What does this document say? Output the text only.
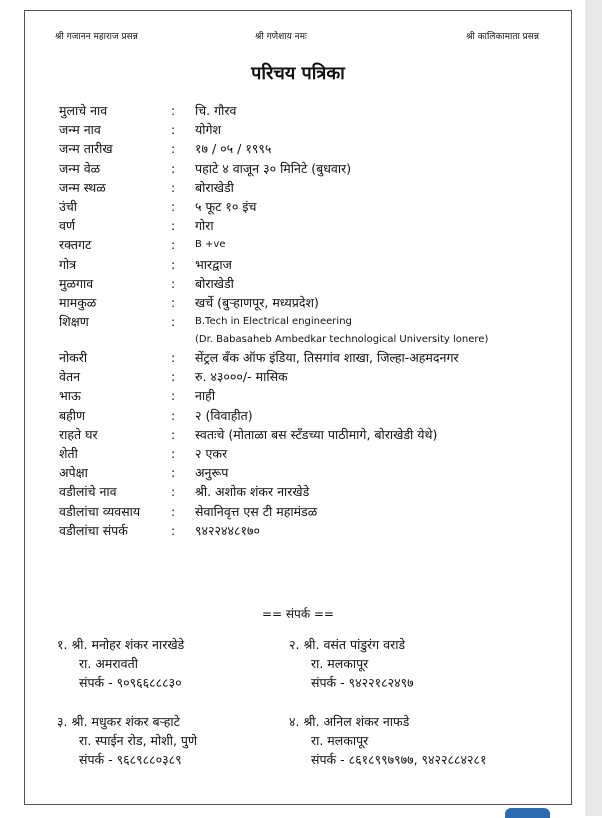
श्री गजानन महाराज प्रसन्न	श्री गणेशाय नमः	श्री कालिकामाता प्रसन्न
परिचय पत्रिका
मुलाचे नाव	: चि. गौरव
जन्म नाव	: योगेश
जन्म तारीख	: १७ / ०५ / १९९५
जन्म वेळ	: पहाटे ४ वाजून ३० मिनिटे (बुधवार)
जन्म स्थळ	: बोराखेडी
उंची	: ५ फूट १० इंच
वर्ण	: गोरा
रक्तगट	: B +ve
गोत्र	: भारद्वाज
मुळगाव	: बोराखेडी
मामकुळ	: खर्चे (बुऱ्हाणपूर, मध्यप्रदेश)
शिक्षण	: B.Tech in Electrical engineering
(Dr. Babasaheb Ambedkar technological University lonere)
नोकरी	: सेंट्रल बँक ऑफ इंडिया, तिसगांव शाखा, जिल्हा-अहमदनगर
वेतन	: रु. ४३०००/- मासिक
भाऊ	: नाही
बहीण	: २ (विवाहीत)
राहते घर	: स्वतःचे (मोताळा बस स्टॅंडच्या पाठीमागे, बोराखेडी येथे)
शेती	: २ एकर
अपेक्षा	: अनुरूप
वडीलांचे नाव	: श्री. अशोक शंकर नारखेडे
वडीलांचा व्यवसाय : सेवानिवृत्त एस टी महामंडळ
वडीलांचा संपर्क	: ९४२२४४८१७०
== संपर्क ==
१. श्री. मनोहर शंकर नारखेडे
रा. अमरावती
संपर्क - ९०९६६८८८३०
२. श्री. वसंत पांडुरंग वराडे
रा. मलकापूर
संपर्क - ९४२२१८२४९७
३. श्री. मधुकर शंकर बऱ्हाटे
रा. स्पाईन रोड, मोशी, पुणे
संपर्क - ९६८९८८०३८९
४. श्री. अनिल शंकर नाफडे
रा. मलकापूर
संपर्क - ८६१८९९७९७७, ९४२२८८४२८१
